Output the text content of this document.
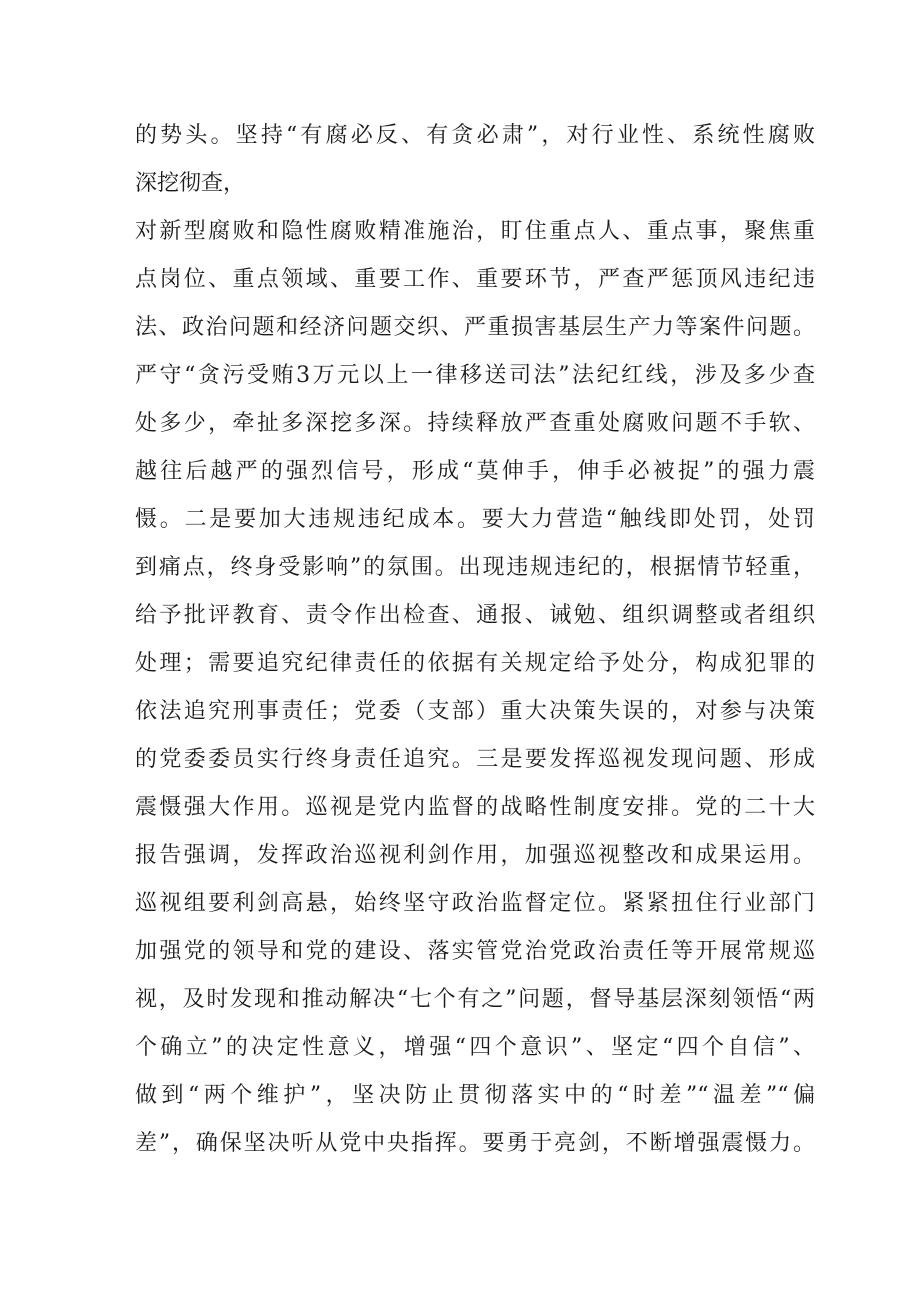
的势头。坚持“有腐必反、有贪必肃”，对行业性、系统性腐败
深挖彻查，
对新型腐败和隐性腐败精准施治，盯住重点人、重点事，聚焦重
点岗位、重点领域、重要工作、重要环节，严查严惩顶风违纪违
法、政治问题和经济问题交织、严重损害基层生产力等案件问题。
严守“贪污受贿3万元以上一律移送司法”法纪红线，涉及多少查
处多少，牵扯多深挖多深。持续释放严查重处腐败问题不手软、
越往后越严的强烈信号，形成“莫伸手，伸手必被捉”的强力震
慑。二是要加大违规违纪成本。要大力营造“触线即处罚，处罚
到痛点，终身受影响”的氛围。出现违规违纪的，根据情节轻重，
给予批评教育、责令作出检查、通报、诫勉、组织调整或者组织
处理；需要追究纪律责任的依据有关规定给予处分，构成犯罪的
依法追究刑事责任；党委（支部）重大决策失误的，对参与决策
的党委委员实行终身责任追究。三是要发挥巡视发现问题、形成
震慑强大作用。巡视是党内监督的战略性制度安排。党的二十大
报告强调，发挥政治巡视利剑作用，加强巡视整改和成果运用。
巡视组要利剑高悬，始终坚守政治监督定位。紧紧扭住行业部门
加强党的领导和党的建设、落实管党治党政治责任等开展常规巡
视，及时发现和推动解决“七个有之”问题，督导基层深刻领悟“两
个确立”的决定性意义，增强“四个意识”、坚定“四个自信”、
做到“两个维护”，坚决防止贯彻落实中的“时差”“温差”“偏
差”，确保坚决听从党中央指挥。要勇于亮剑，不断增强震慑力。
